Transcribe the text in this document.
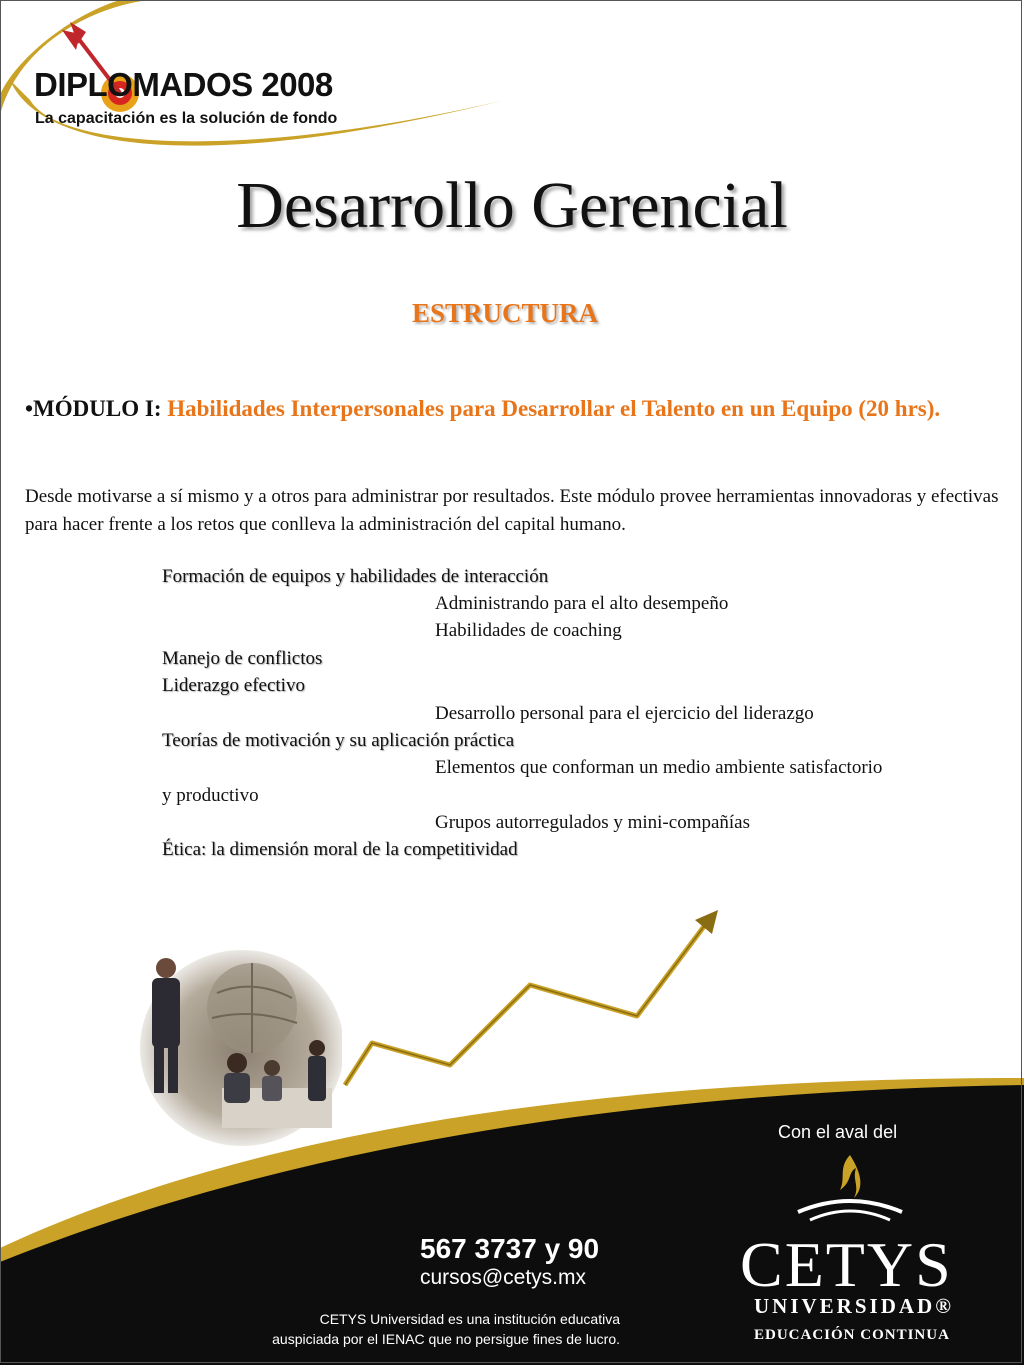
DIPLOMADOS 2008
La capacitación es la solución de fondo
Desarrollo Gerencial
ESTRUCTURA
•MÓDULO I: Habilidades Interpersonales para Desarrollar el Talento en un Equipo (20 hrs).
Desde motivarse a sí mismo y a otros para administrar por resultados. Este módulo provee herramientas innovadoras y efectivas para hacer frente a los retos que conlleva la administración del capital humano.
Formación de equipos y habilidades de interacción
Administrando para el alto desempeño
Habilidades de coaching
Manejo de conflictos
Liderazgo efectivo
Desarrollo personal para el ejercicio del liderazgo
Teorías de motivación y su aplicación práctica
Elementos que conforman un medio ambiente satisfactorio
y productivo
Grupos autorregulados y mini-compañías
Ética: la dimensión moral de la competitividad
Con el aval del
CETYS
UNIVERSIDAD®
EDUCACIÓN CONTINUA
567 3737 y 90
cursos@cetys.mx
CETYS Universidad es una institución educativa
auspiciada por el IENAC que no persigue fines de lucro.
